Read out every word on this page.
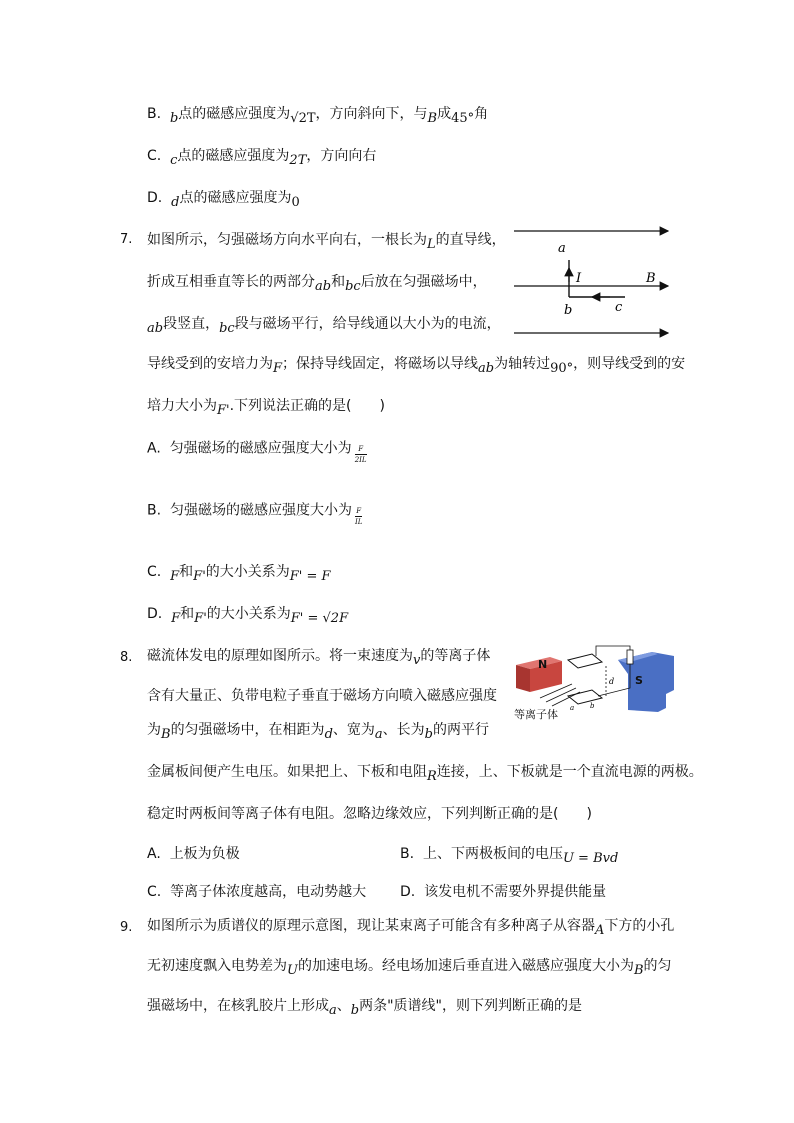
B. b点的磁感应强度为√2T，方向斜向下，与B成45°角
C. c点的磁感应强度为2T，方向向右
D. d点的磁感应强度为0
7. 如图所示，匀强磁场方向水平向右，一根长为L的直导线，
折成互相垂直等长的两部分ab和bc后放在匀强磁场中，
ab段竖直，bc段与磁场平行，给导线通以大小为的电流，
导线受到的安培力为F；保持导线固定，将磁场以导线ab为轴转过90°，则导线受到的安
培力大小为F'.下列说法正确的是(　　)
a
I	B
b	c
A. 匀强磁场的磁感应强度大小为 $\frac{F}{2IL}$
B. 匀强磁场的磁感应强度大小为 $\frac{F}{IL}$
C. F和F'的大小关系为F' = F
D. F和F'的大小关系为F' = √2F
8. 磁流体发电的原理如图所示。将一束速度为v的等离子体
含有大量正、负带电粒子垂直于磁场方向喷入磁感应强度
为B的匀强磁场中，在相距为d、宽为a、长为b的两平行
金属板间便产生电压。如果把上、下板和电阻R连接，上、下板就是一个直流电源的两极。
稳定时两板间等离子体有电阻。忽略边缘效应，下列判断正确的是(　　)
N
S
d
a b
等离子体
A. 上板为负极	B. 上、下两极板间的电压U = Bvd
C. 等离子体浓度越高，电动势越大 D. 该发电机不需要外界提供能量
9. 如图所示为质谱仪的原理示意图，现让某束离子可能含有多种离子从容器A下方的小孔
无初速度飘入电势差为U的加速电场。经电场加速后垂直进入磁感应强度大小为B的匀
强磁场中，在核乳胶片上形成a、b两条"质谱线"，则下列判断正确的是
